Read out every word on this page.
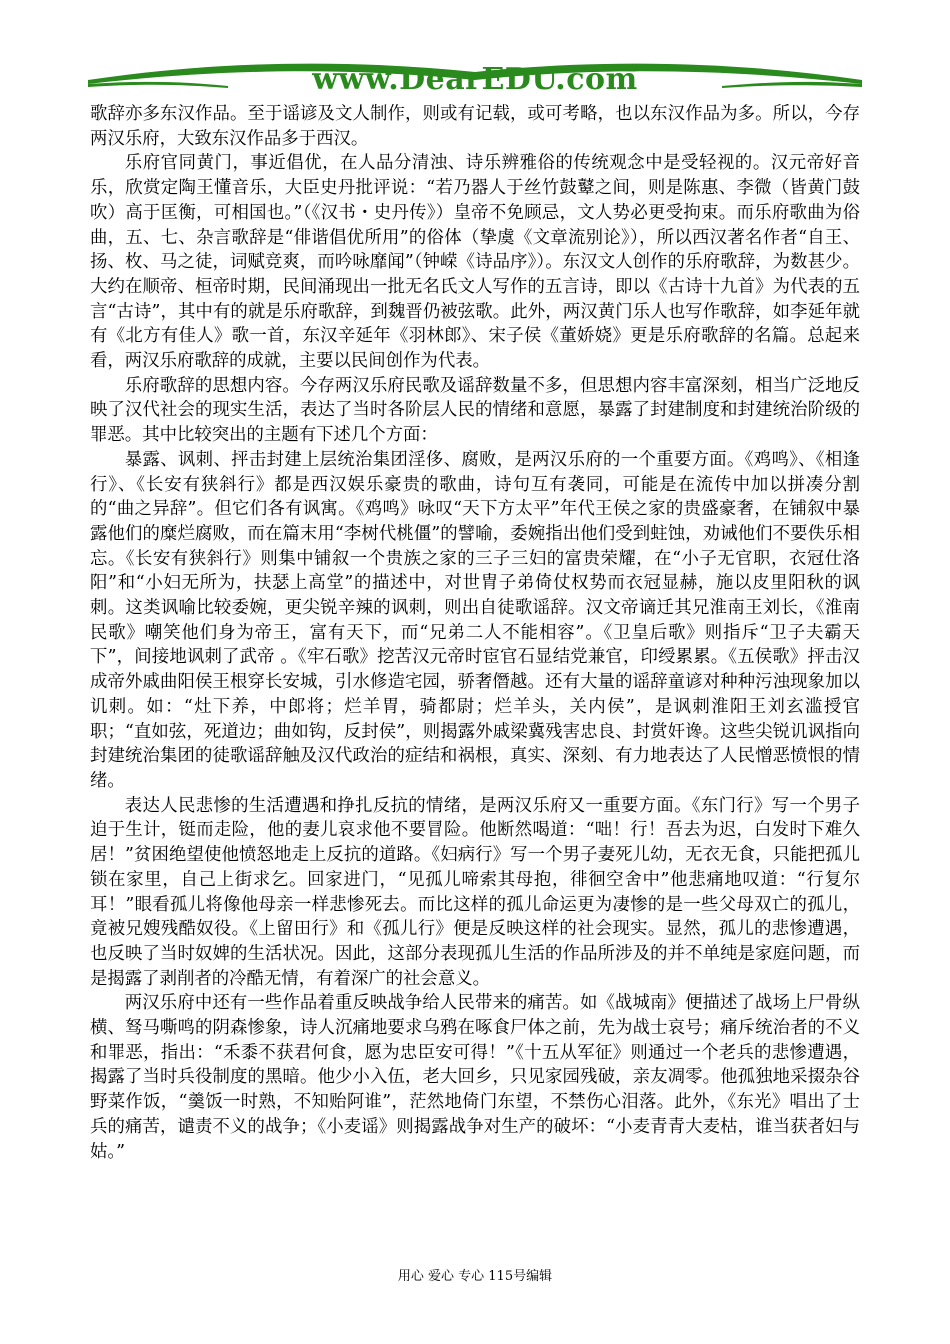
www.DearEDU.com

歌辞亦多东汉作品。至于谣谚及文人制作，则或有记载，或可考略，也以东汉作品为多。所以，今存两汉乐府，大致东汉作品多于西汉。

乐府官同黄门，事近倡优，在人品分清浊、诗乐辨雅俗的传统观念中是受轻视的。汉元帝好音乐，欣赏定陶王懂音乐，大臣史丹批评说：“若乃器人于丝竹鼓鼙之间，则是陈惠、李微（皆黄门鼓吹）高于匡衡，可相国也。”（《汉书・史丹传》）皇帝不免顾忌，文人势必更受拘束。而乐府歌曲为俗曲，五、七、杂言歌辞是“俳谐倡优所用”的俗体（挚虞《文章流别论》），所以西汉著名作者“自王、扬、枚、马之徒，词赋竞爽，而吟咏靡闻”（钟嵘《诗品序》）。东汉文人创作的乐府歌辞，为数甚少。大约在顺帝、桓帝时期，民间涌现出一批无名氏文人写作的五言诗，即以《古诗十九首》为代表的五言“古诗”，其中有的就是乐府歌辞，到魏晋仍被弦歌。此外，两汉黄门乐人也写作歌辞，如李延年就有《北方有佳人》歌一首，东汉辛延年《羽林郎》、宋子侯《董娇娆》更是乐府歌辞的名篇。总起来看，两汉乐府歌辞的成就，主要以民间创作为代表。

乐府歌辞的思想内容。今存两汉乐府民歌及谣辞数量不多，但思想内容丰富深刻，相当广泛地反映了汉代社会的现实生活，表达了当时各阶层人民的情绪和意愿，暴露了封建制度和封建统治阶级的罪恶。其中比较突出的主题有下述几个方面：

暴露、讽刺、抨击封建上层统治集团淫侈、腐败，是两汉乐府的一个重要方面。《鸡鸣》、《相逢行》、《长安有狭斜行》都是西汉娱乐豪贵的歌曲，诗句互有袭同，可能是在流传中加以拼凑分割的“曲之异辞”。但它们各有讽寓。《鸡鸣》咏叹“天下方太平”年代王侯之家的贵盛豪奢，在铺叙中暴露他们的糜烂腐败，而在篇末用“李树代桃僵”的譬喻，委婉指出他们受到蛀蚀，劝诫他们不要佚乐相忘。《长安有狭斜行》则集中铺叙一个贵族之家的三子三妇的富贵荣耀，在“小子无官职，衣冠仕洛阳”和“小妇无所为，扶瑟上高堂”的描述中，对世胄子弟倚仗权势而衣冠显赫，施以皮里阳秋的讽刺。这类讽喻比较委婉，更尖锐辛辣的讽刺，则出自徒歌谣辞。汉文帝谪迁其兄淮南王刘长，《淮南民歌》嘲笑他们身为帝王，富有天下，而“兄弟二人不能相容”。《卫皇后歌》则指斥“卫子夫霸天下”，间接地讽刺了武帝 。《牢石歌》挖苦汉元帝时宦官石显结党兼官，印绶累累。《五侯歌》抨击汉成帝外戚曲阳侯王根穿长安城，引水修造宅园，骄奢僭越。还有大量的谣辞童谚对种种污浊现象加以讥刺。如：“灶下养，中郎将；烂羊胃，骑都尉；烂羊头，关内侯”，是讽刺淮阳王刘玄滥授官职；“直如弦，死道边；曲如钩，反封侯”，则揭露外戚梁冀残害忠良、封赏奸谗。这些尖锐讥讽指向封建统治集团的徒歌谣辞触及汉代政治的症结和祸根，真实、深刻、有力地表达了人民憎恶愤恨的情绪。

表达人民悲惨的生活遭遇和挣扎反抗的情绪，是两汉乐府又一重要方面。《东门行》写一个男子迫于生计，铤而走险，他的妻儿哀求他不要冒险。他断然喝道：“咄！行！吾去为迟，白发时下难久居！”贫困绝望使他愤怒地走上反抗的道路。《妇病行》写一个男子妻死儿幼，无衣无食，只能把孤儿锁在家里，自己上街求乞。回家进门，“见孤儿啼索其母抱，徘徊空舍中”他悲痛地叹道：“行复尔耳！”眼看孤儿将像他母亲一样悲惨死去。而比这样的孤儿命运更为凄惨的是一些父母双亡的孤儿，竟被兄嫂残酷奴役。《上留田行》和《孤儿行》便是反映这样的社会现实。显然，孤儿的悲惨遭遇，也反映了当时奴婢的生活状况。因此，这部分表现孤儿生活的作品所涉及的并不单纯是家庭问题，而是揭露了剥削者的冷酷无情，有着深广的社会意义。

两汉乐府中还有一些作品着重反映战争给人民带来的痛苦。如《战城南》便描述了战场上尸骨纵横、驽马嘶鸣的阴森惨象，诗人沉痛地要求乌鸦在啄食尸体之前，先为战士哀号；痛斥统治者的不义和罪恶，指出：“禾黍不获君何食，愿为忠臣安可得！”《十五从军征》则通过一个老兵的悲惨遭遇，揭露了当时兵役制度的黑暗。他少小入伍，老大回乡，只见家园残破，亲友凋零。他孤独地采掇杂谷野菜作饭，“羹饭一时熟，不知贻阿谁”，茫然地倚门东望，不禁伤心泪落。此外，《东光》唱出了士兵的痛苦，谴责不义的战争；《小麦谣》则揭露战争对生产的破坏：“小麦青青大麦枯，谁当获者妇与姑。”

用心 爱心 专心 115号编辑
